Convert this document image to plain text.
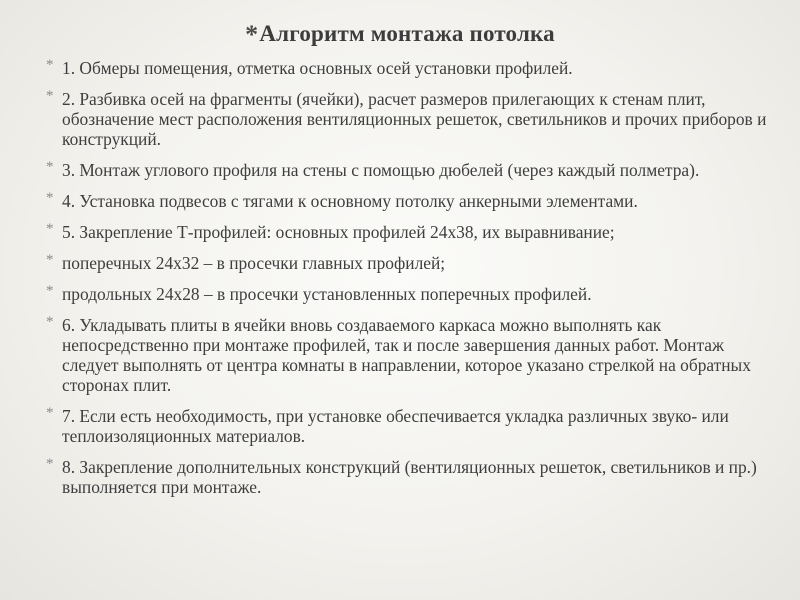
*Алгоритм монтажа потолка
* 1. Обмеры помещения, отметка основных осей установки профилей.
* 2. Разбивка осей на фрагменты (ячейки), расчет размеров прилегающих к стенам плит, обозначение мест расположения вентиляционных решеток, светильников и прочих приборов и конструкций.
* 3. Монтаж углового профиля на стены с помощью дюбелей (через каждый полметра).
* 4. Установка подвесов с тягами к основному потолку анкерными элементами.
* 5. Закрепление Т-профилей: основных профилей 24х38, их выравнивание;
* поперечных 24х32 – в просечки главных профилей;
* продольных 24х28 – в просечки установленных поперечных профилей.
* 6. Укладывать плиты в ячейки вновь создаваемого каркаса можно выполнять как непосредственно при монтаже профилей, так и после завершения данных работ. Монтаж следует выполнять от центра комнаты в направлении, которое указано стрелкой на обратных сторонах плит.
* 7. Если есть необходимость, при установке обеспечивается укладка различных звуко- или теплоизоляционных материалов.
* 8. Закрепление дополнительных конструкций (вентиляционных решеток, светильников и пр.) выполняется при монтаже.
